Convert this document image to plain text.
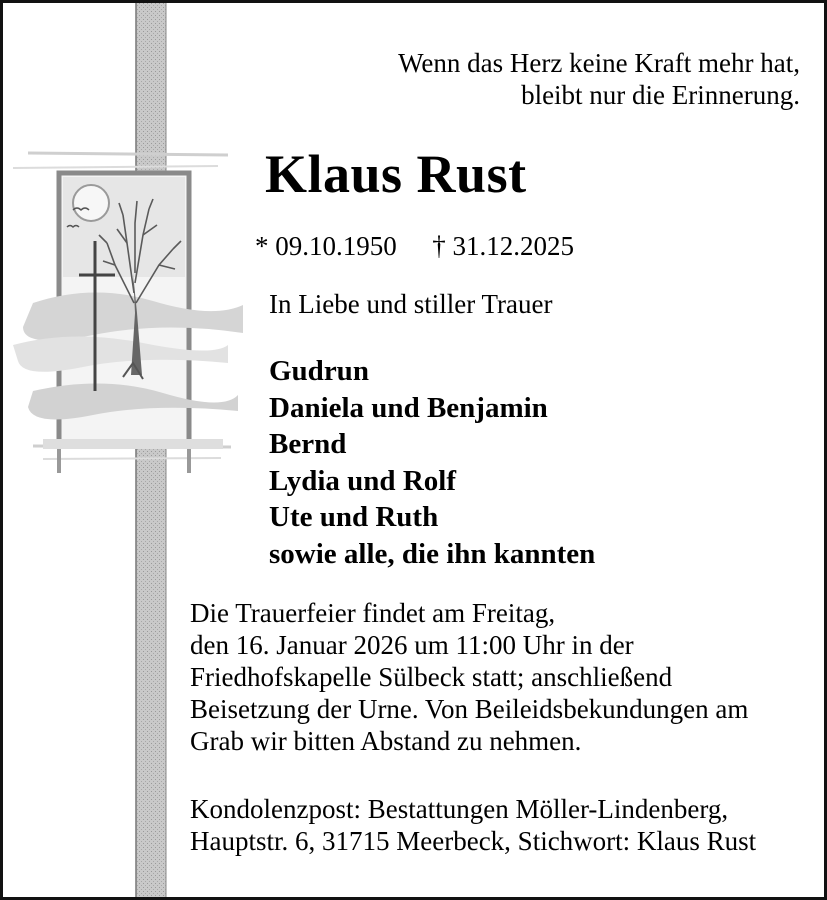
Wenn das Herz keine Kraft mehr hat,
bleibt nur die Erinnerung.
Klaus Rust
* 09.10.1950 † 31.12.2025
In Liebe und stiller Trauer
Gudrun
Daniela und Benjamin
Bernd
Lydia und Rolf
Ute und Ruth
sowie alle, die ihn kannten
Die Trauerfeier findet am Freitag,
den 16. Januar 2026 um 11:00 Uhr in der
Friedhofskapelle Sülbeck statt; anschließend
Beisetzung der Urne. Von Beileidsbekundungen am
Grab wir bitten Abstand zu nehmen.
Kondolenzpost: Bestattungen Möller-Lindenberg,
Hauptstr. 6, 31715 Meerbeck, Stichwort: Klaus Rust
